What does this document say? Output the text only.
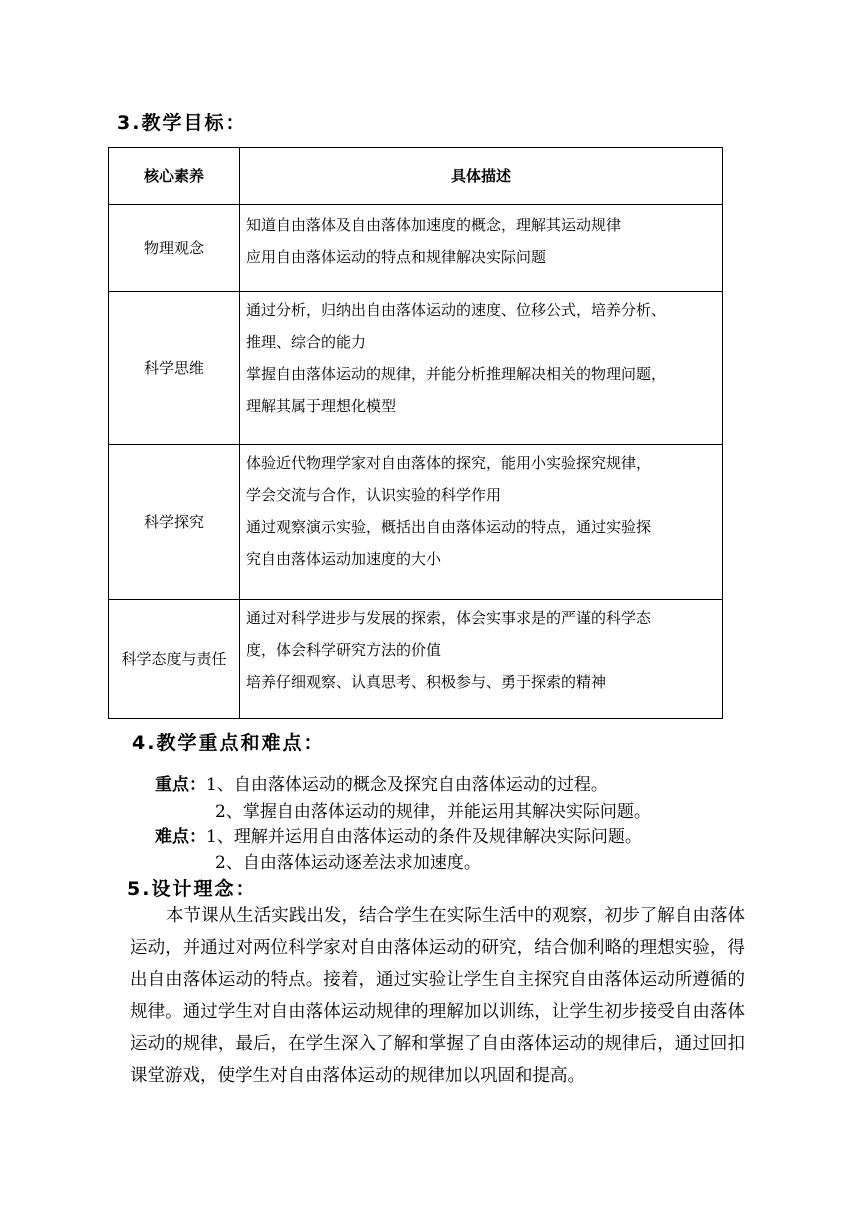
3.教学目标：
核心素养	具体描述
物理观念	知道自由落体及自由落体加速度的概念，理解其运动规律

应用自由落体运动的特点和规律解决实际问题

科学思维	通过分析，归纳出自由落体运动的速度、位移公式，培养分析、

推理、综合的能力

掌握自由落体运动的规律，并能分析推理解决相关的物理问题，

理解其属于理想化模型

科学探究	体验近代物理学家对自由落体的探究，能用小实验探究规律，

学会交流与合作，认识实验的科学作用

通过观察演示实验，概括出自由落体运动的特点，通过实验探

究自由落体运动加速度的大小

科学态度与责任	通过对科学进步与发展的探索，体会实事求是的严谨的科学态

度，体会科学研究方法的价值

培养仔细观察、认真思考、积极参与、勇于探索的精神

4.教学重点和难点：
重点：1、自由落体运动的概念及探究自由落体运动的过程。
2、掌握自由落体运动的规律，并能运用其解决实际问题。
难点：1、理解并运用自由落体运动的条件及规律解决实际问题。
2、自由落体运动逐差法求加速度。
5.设计理念：

本节课从生活实践出发，结合学生在实际生活中的观察，初步了解自由落体运动，并通过对两位科学家对自由落体运动的研究，结合伽利略的理想实验，得出自由落体运动的特点。接着，通过实验让学生自主探究自由落体运动所遵循的规律。通过学生对自由落体运动规律的理解加以训练，让学生初步接受自由落体运动的规律，最后，在学生深入了解和掌握了自由落体运动的规律后，通过回扣课堂游戏，使学生对自由落体运动的规律加以巩固和提高。
